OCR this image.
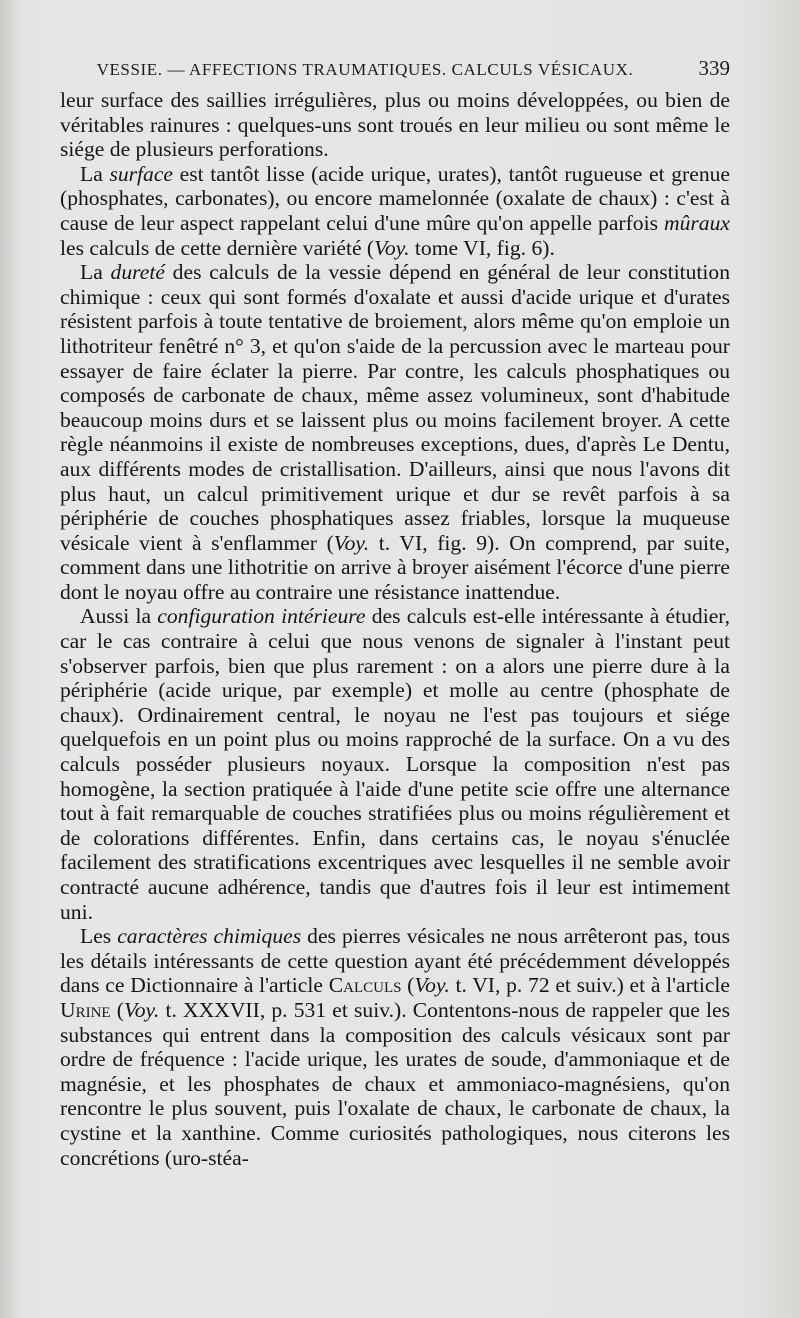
VESSIE. — AFFECTIONS TRAUMATIQUES. CALCULS VÉSICAUX.	339

leur surface des saillies irrégulières, plus ou moins développées, ou bien de véritables rainures : quelques-uns sont troués en leur milieu ou sont même le siége de plusieurs perforations.

La surface est tantôt lisse (acide urique, urates), tantôt rugueuse et grenue (phosphates, carbonates), ou encore mamelonnée (oxalate de chaux) : c'est à cause de leur aspect rappelant celui d'une mûre qu'on appelle parfois mûraux les calculs de cette dernière variété (Voy. tome VI, fig. 6).

La dureté des calculs de la vessie dépend en général de leur constitution chimique : ceux qui sont formés d'oxalate et aussi d'acide urique et d'urates résistent parfois à toute tentative de broiement, alors même qu'on emploie un lithotriteur fenêtré n° 3, et qu'on s'aide de la percussion avec le marteau pour essayer de faire éclater la pierre. Par contre, les calculs phosphatiques ou composés de carbonate de chaux, même assez volumineux, sont d'habitude beaucoup moins durs et se laissent plus ou moins facilement broyer. A cette règle néanmoins il existe de nombreuses exceptions, dues, d'après Le Dentu, aux différents modes de cristallisation. D'ailleurs, ainsi que nous l'avons dit plus haut, un calcul primitivement urique et dur se revêt parfois à sa périphérie de couches phosphatiques assez friables, lorsque la muqueuse vésicale vient à s'enflammer (Voy. t. VI, fig. 9). On comprend, par suite, comment dans une lithotritie on arrive à broyer aisément l'écorce d'une pierre dont le noyau offre au contraire une résistance inattendue.

Aussi la configuration intérieure des calculs est-elle intéressante à étudier, car le cas contraire à celui que nous venons de signaler à l'instant peut s'observer parfois, bien que plus rarement : on a alors une pierre dure à la périphérie (acide urique, par exemple) et molle au centre (phosphate de chaux). Ordinairement central, le noyau ne l'est pas toujours et siége quelquefois en un point plus ou moins rapproché de la surface. On a vu des calculs posséder plusieurs noyaux. Lorsque la composition n'est pas homogène, la section pratiquée à l'aide d'une petite scie offre une alternance tout à fait remarquable de couches stratifiées plus ou moins régulièrement et de colorations différentes. Enfin, dans certains cas, le noyau s'énuclée facilement des stratifications excentriques avec lesquelles il ne semble avoir contracté aucune adhérence, tandis que d'autres fois il leur est intimement uni.

Les caractères chimiques des pierres vésicales ne nous arrêteront pas, tous les détails intéressants de cette question ayant été précédemment développés dans ce Dictionnaire à l'article Calculs (Voy. t. VI, p. 72 et suiv.) et à l'article Urine (Voy. t. XXXVII, p. 531 et suiv.). Contentons-nous de rappeler que les substances qui entrent dans la composition des calculs vésicaux sont par ordre de fréquence : l'acide urique, les urates de soude, d'ammoniaque et de magnésie, et les phosphates de chaux et ammoniaco-magnésiens, qu'on rencontre le plus souvent, puis l'oxalate de chaux, le carbonate de chaux, la cystine et la xanthine. Comme curiosités pathologiques, nous citerons les concrétions (uro-stéa-
